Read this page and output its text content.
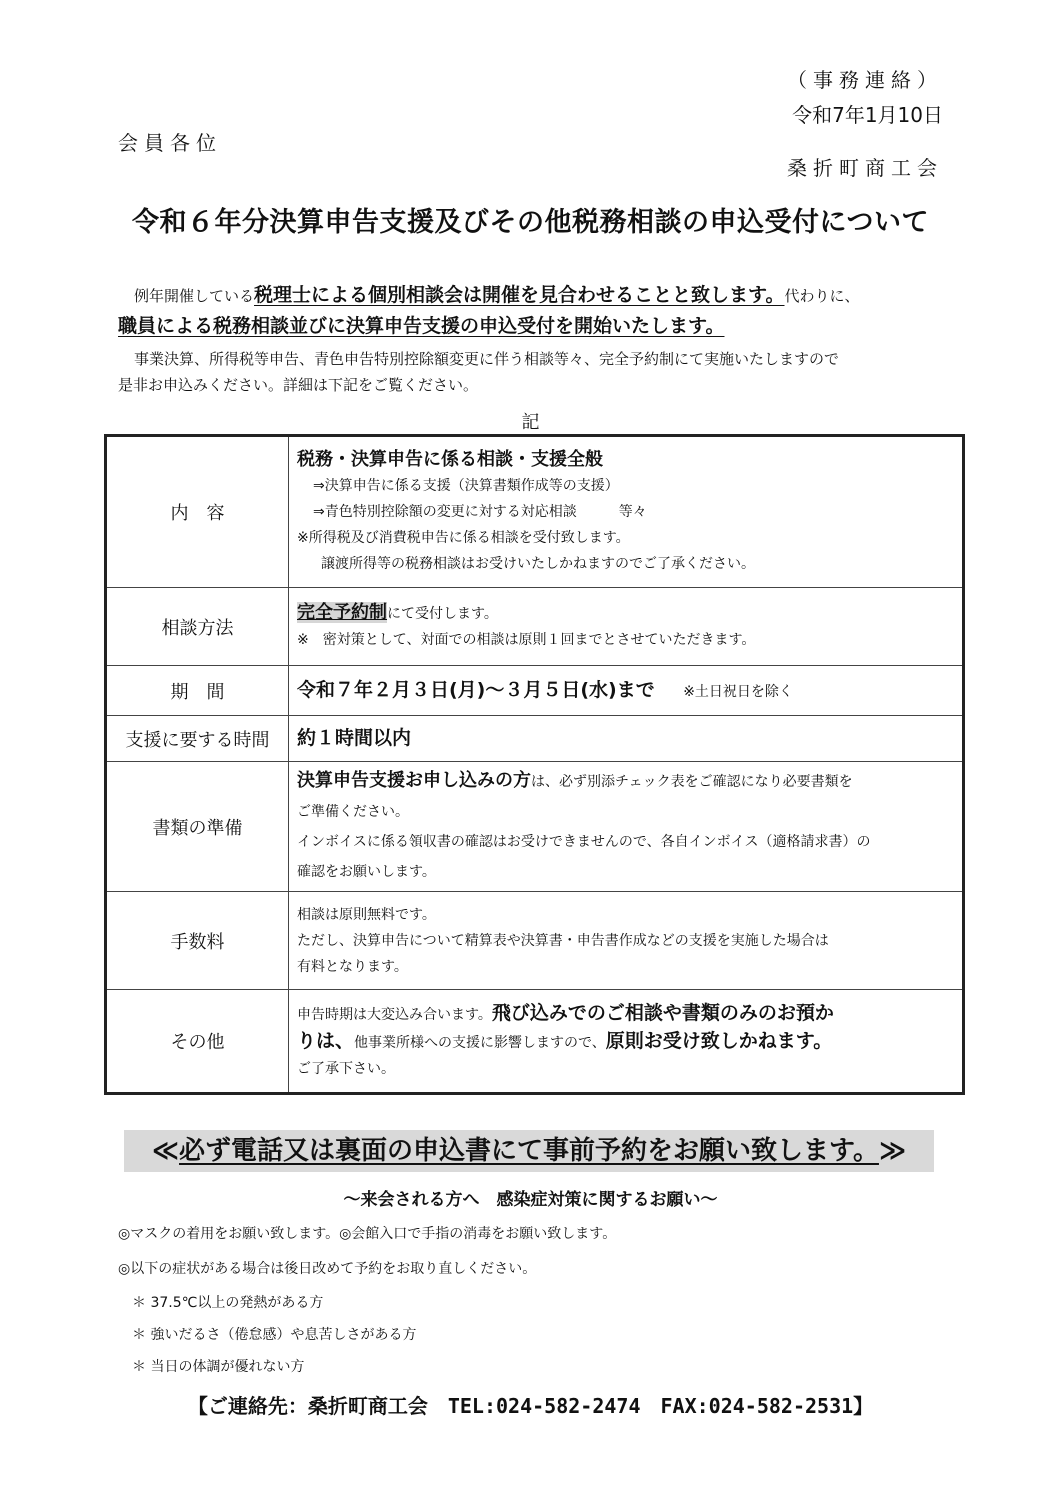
（事務連絡）
令和7年1月10日
会員各位
桑折町商工会
令和６年分決算申告支援及びその他税務相談の申込受付について
例年開催している税理士による個別相談会は開催を見合わせることと致します。代わりに、
職員による税務相談並びに決算申告支援の申込受付を開始いたします。
事業決算、所得税等申告、青色申告特別控除額変更に伴う相談等々、完全予約制にて実施いたしますので
是非お申込みください。詳細は下記をご覧ください。
記
内　容	税務・決算申告に係る相談・支援全般
⇒決算申告に係る支援（決算書類作成等の支援）
⇒青色特別控除額の変更に対する対応相談　　　等々
※所得税及び消費税申告に係る相談を受付致します。
譲渡所得等の税務相談はお受けいたしかねますのでご了承ください。

相談方法	完全予約制にて受付します。
※　密対策として、対面での相談は原則１回までとさせていただきます。

期　間	令和７年２月３日(月)～３月５日(水)まで ※土日祝日を除く
支援に要する時間	約１時間以内
書類の準備	決算申告支援お申し込みの方は、必ず別添チェック表をご確認になり必要書類を
ご準備ください。
インボイスに係る領収書の確認はお受けできませんので、各自インボイス（適格請求書）の
確認をお願いします。

手数料	相談は原則無料です。
ただし、決算申告について精算表や決算書・申告書作成などの支援を実施した場合は
有料となります。

その他	申告時期は大変込み合います。飛び込みでのご相談や書類のみのお預か
りは、他事業所様への支援に影響しますので、原則お受け致しかねます。
ご了承下さい。
≪必ず電話又は裏面の申込書にて事前予約をお願い致します。≫
～来会される方へ　感染症対策に関するお願い～
◎マスクの着用をお願い致します。◎会館入口で手指の消毒をお願い致します。
◎以下の症状がある場合は後日改めて予約をお取り直しください。
＊ 37.5℃以上の発熱がある方
＊ 強いだるさ（倦怠感）や息苦しさがある方
＊ 当日の体調が優れない方
【ご連絡先：桑折町商工会　TEL:024-582-2474　FAX:024-582-2531】
